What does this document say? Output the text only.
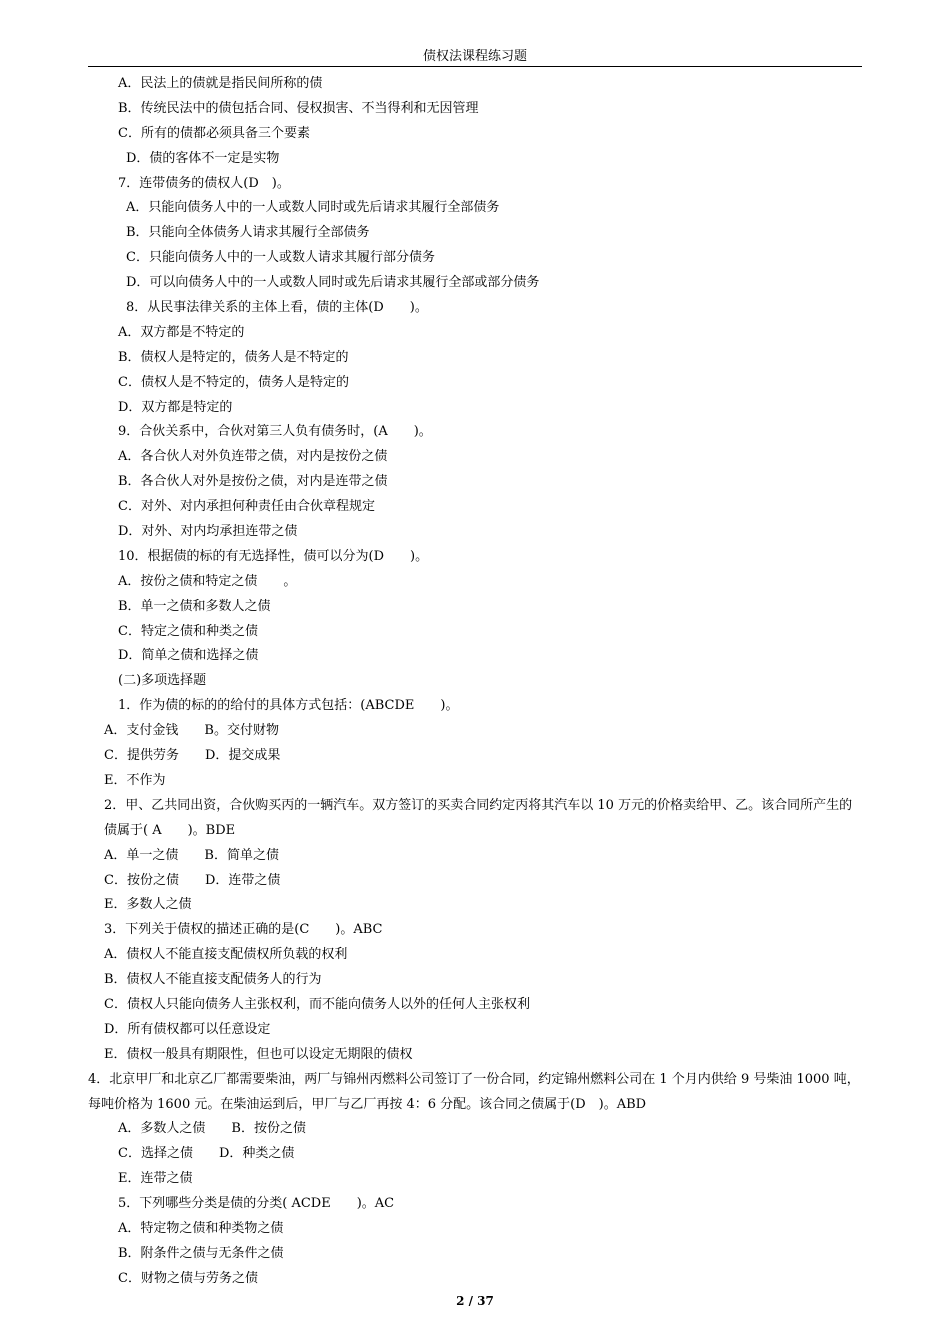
债权法课程练习题
A．民法上的债就是指民间所称的债
B．传统民法中的债包括合同、侵权损害、不当得利和无因管理
C．所有的债都必须具备三个要素
D．债的客体不一定是实物
7．连带债务的债权人(D　)。
A．只能向债务人中的一人或数人同时或先后请求其履行全部债务
B．只能向全体债务人请求其履行全部债务
C．只能向债务人中的一人或数人请求其履行部分债务
D．可以向债务人中的一人或数人同时或先后请求其履行全部或部分债务
8．从民事法律关系的主体上看，债的主体(D　　)。
A．双方都是不特定的
B．债权人是特定的，债务人是不特定的
C．债权人是不特定的，债务人是特定的
D．双方都是特定的
9．合伙关系中，合伙对第三人负有债务时，(A　　)。
A．各合伙人对外负连带之债，对内是按份之债
B．各合伙人对外是按份之债，对内是连带之债
C．对外、对内承担何种责任由合伙章程规定
D．对外、对内均承担连带之债
10．根据债的标的有无选择性，债可以分为(D　　)。
A．按份之债和特定之债　　。
B．单一之债和多数人之债
C．特定之债和种类之债
D．简单之债和选择之债
(二)多项选择题
1．作为债的标的的给付的具体方式包括：(ABCDE　　)。
A．支付金钱　　B。交付财物
C．提供劳务　　D．提交成果
E．不作为
2．甲、乙共同出资，合伙购买丙的一辆汽车。双方签订的买卖合同约定丙将其汽车以 10 万元的价格卖给甲、乙。该合同所产生的债属于( A　　)。BDE
A．单一之债　　B．简单之债
C．按份之债　　D．连带之债
E．多数人之债
3．下列关于债权的描述正确的是(C　　)。ABC
A．债权人不能直接支配债权所负载的权利
B．债权人不能直接支配债务人的行为
C．债权人只能向债务人主张权利，而不能向债务人以外的任何人主张权利
D．所有债权都可以任意设定
E．债权一般具有期限性，但也可以设定无期限的债权
4．北京甲厂和北京乙厂都需要柴油，两厂与锦州丙燃料公司签订了一份合同，约定锦州燃料公司在 1 个月内供给 9 号柴油 1000 吨，每吨价格为 1600 元。在柴油运到后，甲厂与乙厂再按 4：6 分配。该合同之债属于(D　)。ABD
A．多数人之债　　B．按份之债
C．选择之债　　D．种类之债
E．连带之债
5．下列哪些分类是债的分类( ACDE　　)。AC
A．特定物之债和种类物之债
B．附条件之债与无条件之债
C．财物之债与劳务之债
2 / 37
